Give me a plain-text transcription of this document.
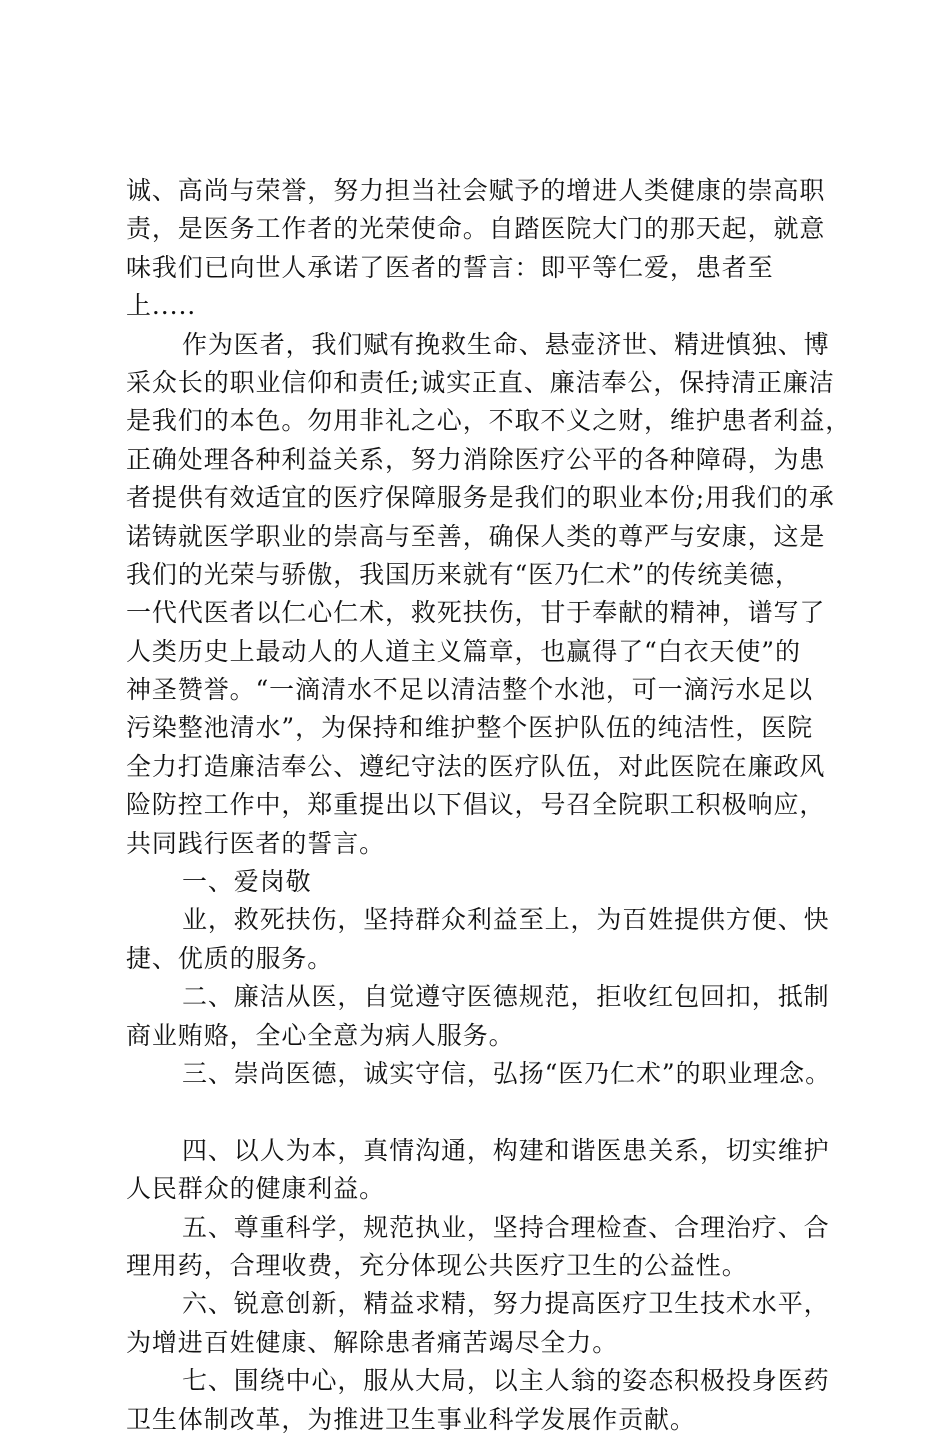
诚、高尚与荣誉，努力担当社会赋予的增进人类健康的崇高职
责，是医务工作者的光荣使命。自踏医院大门的那天起，就意
味我们已向世人承诺了医者的誓言：即平等仁爱，患者至
上.....
作为医者，我们赋有挽救生命、悬壶济世、精进慎独、博
采众长的职业信仰和责任;诚实正直、廉洁奉公，保持清正廉洁
是我们的本色。勿用非礼之心，不取不义之财，维护患者利益，
正确处理各种利益关系，努力消除医疗公平的各种障碍，为患
者提供有效适宜的医疗保障服务是我们的职业本份;用我们的承
诺铸就医学职业的崇高与至善，确保人类的尊严与安康，这是
我们的光荣与骄傲，我国历来就有“医乃仁术”的传统美德，
一代代医者以仁心仁术，救死扶伤，甘于奉献的精神，谱写了
人类历史上最动人的人道主义篇章，也赢得了“白衣天使”的
神圣赞誉。“一滴清水不足以清洁整个水池，可一滴污水足以
污染整池清水”，为保持和维护整个医护队伍的纯洁性，医院
全力打造廉洁奉公、遵纪守法的医疗队伍，对此医院在廉政风
险防控工作中，郑重提出以下倡议，号召全院职工积极响应，
共同践行医者的誓言。
一、爱岗敬
业，救死扶伤，坚持群众利益至上，为百姓提供方便、快
捷、优质的服务。
二、廉洁从医，自觉遵守医德规范，拒收红包回扣，抵制
商业贿赂，全心全意为病人服务。
三、崇尚医德，诚实守信，弘扬“医乃仁术”的职业理念。
四、以人为本，真情沟通，构建和谐医患关系，切实维护
人民群众的健康利益。
五、尊重科学，规范执业，坚持合理检查、合理治疗、合
理用药，合理收费，充分体现公共医疗卫生的公益性。
六、锐意创新，精益求精，努力提高医疗卫生技术水平，
为增进百姓健康、解除患者痛苦竭尽全力。
七、围绕中心，服从大局，以主人翁的姿态积极投身医药
卫生体制改革，为推进卫生事业科学发展作贡献。
